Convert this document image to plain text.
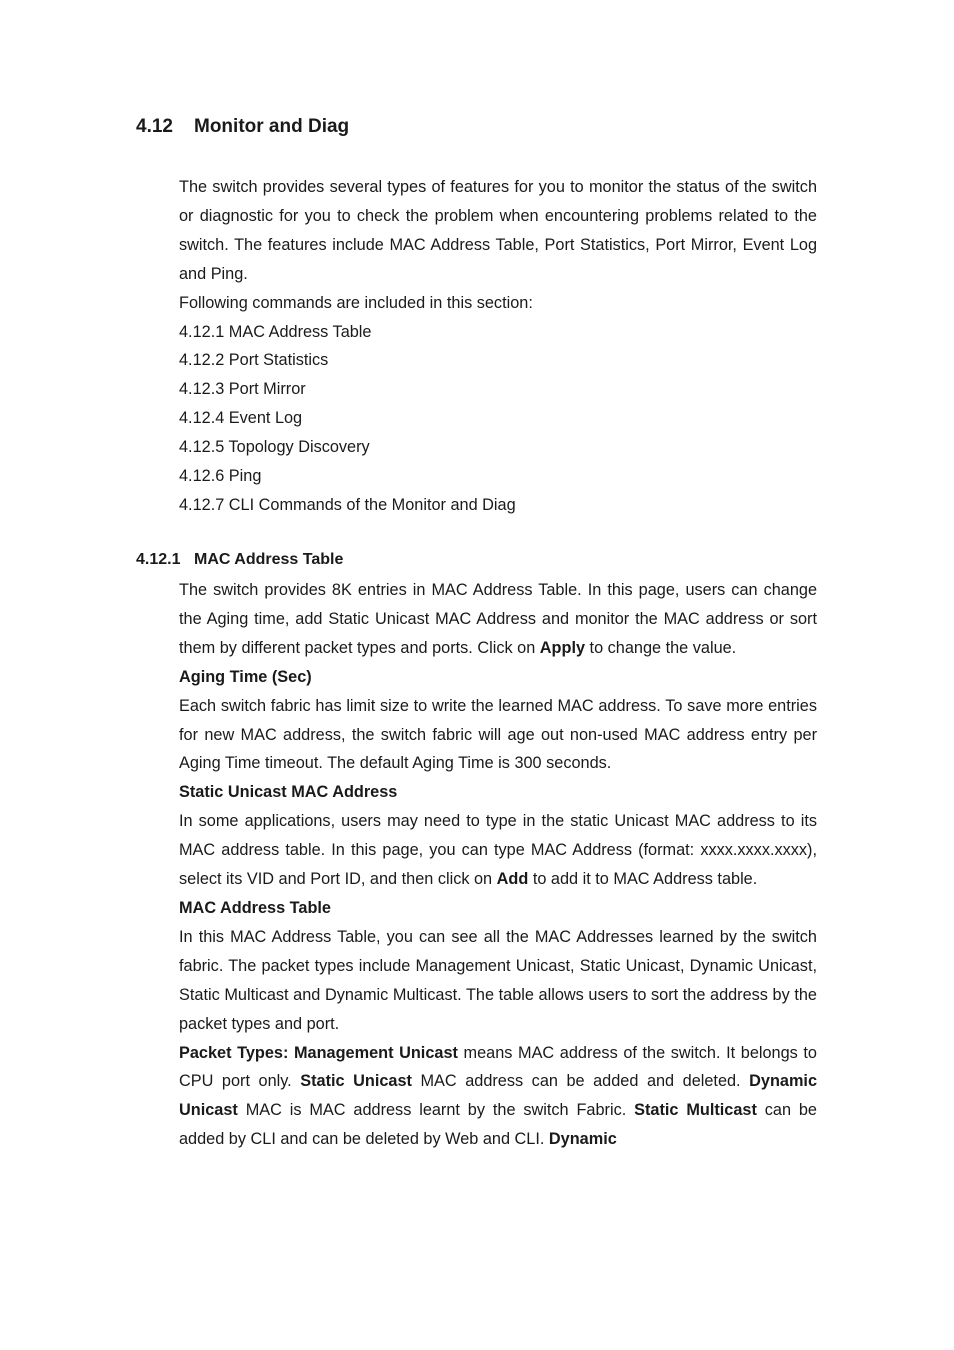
4.12 Monitor and Diag

The switch provides several types of features for you to monitor the status of the switch or diagnostic for you to check the problem when encountering problems related to the switch. The features include MAC Address Table, Port Statistics, Port Mirror, Event Log and Ping.

Following commands are included in this section:

4.12.1 MAC Address Table

4.12.2 Port Statistics

4.12.3 Port Mirror

4.12.4 Event Log

4.12.5 Topology Discovery

4.12.6 Ping

4.12.7 CLI Commands of the Monitor and Diag

4.12.1 MAC Address Table

The switch provides 8K entries in MAC Address Table. In this page, users can change the Aging time, add Static Unicast MAC Address and monitor the MAC address or sort them by different packet types and ports. Click on Apply to change the value.

Aging Time (Sec)

Each switch fabric has limit size to write the learned MAC address. To save more entries for new MAC address, the switch fabric will age out non-used MAC address entry per Aging Time timeout. The default Aging Time is 300 seconds.

Static Unicast MAC Address

In some applications, users may need to type in the static Unicast MAC address to its MAC address table. In this page, you can type MAC Address (format: xxxx.xxxx.xxxx), select its VID and Port ID, and then click on Add to add it to MAC Address table.

MAC Address Table

In this MAC Address Table, you can see all the MAC Addresses learned by the switch fabric. The packet types include Management Unicast, Static Unicast, Dynamic Unicast, Static Multicast and Dynamic Multicast. The table allows users to sort the address by the packet types and port.

Packet Types: Management Unicast means MAC address of the switch. It belongs to CPU port only. Static Unicast MAC address can be added and deleted. Dynamic Unicast MAC is MAC address learnt by the switch Fabric. Static Multicast can be added by CLI and can be deleted by Web and CLI. Dynamic
